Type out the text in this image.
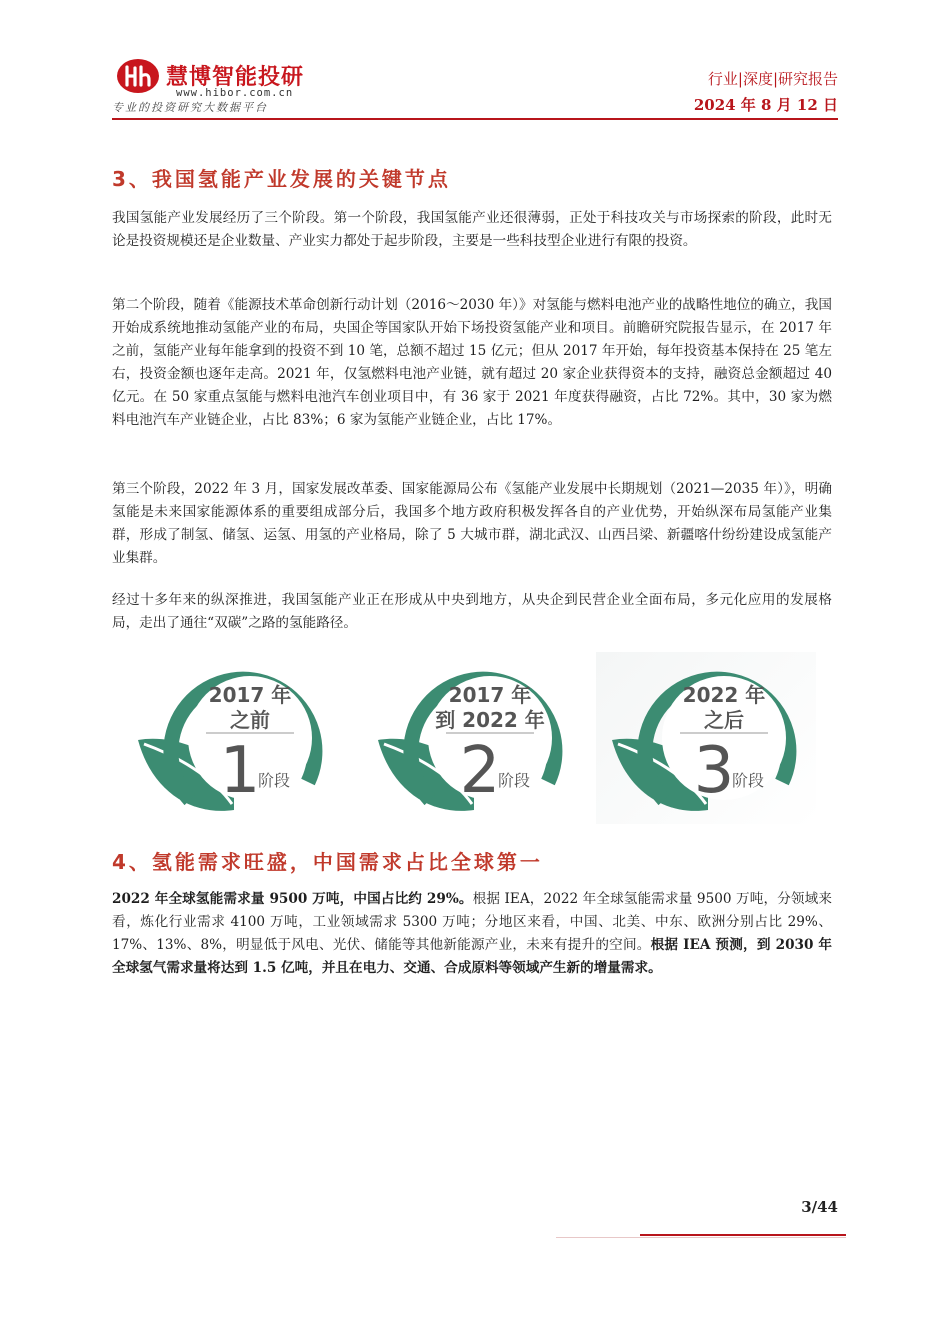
慧博智能投研
www.hibor.com.cn
专业的投资研究大数据平台
行业|深度|研究报告
2024 年 8 月 12 日
3、我国氢能产业发展的关键节点

我国氢能产业发展经历了三个阶段。第一个阶段，我国氢能产业还很薄弱，正处于科技攻关与市场探索的阶段，此时无论是投资规模还是企业数量、产业实力都处于起步阶段，主要是一些科技型企业进行有限的投资。

第二个阶段，随着《能源技术革命创新行动计划（2016～2030 年）》对氢能与燃料电池产业的战略性地位的确立，我国开始成系统地推动氢能产业的布局，央国企等国家队开始下场投资氢能产业和项目。前瞻研究院报告显示，在 2017 年之前，氢能产业每年能拿到的投资不到 10 笔，总额不超过 15 亿元；但从 2017 年开始，每年投资基本保持在 25 笔左右，投资金额也逐年走高。2021 年，仅氢燃料电池产业链，就有超过 20 家企业获得资本的支持，融资总金额超过 40 亿元。在 50 家重点氢能与燃料电池汽车创业项目中，有 36 家于 2021 年度获得融资，占比 72%。其中，30 家为燃料电池汽车产业链企业，占比 83%；6 家为氢能产业链企业，占比 17%。

第三个阶段，2022 年 3 月，国家发展改革委、国家能源局公布《氢能产业发展中长期规划（2021—2035 年）》，明确氢能是未来国家能源体系的重要组成部分后，我国多个地方政府积极发挥各自的产业优势，开始纵深布局氢能产业集群，形成了制氢、储氢、运氢、用氢的产业格局，除了 5 大城市群，湖北武汉、山西吕梁、新疆喀什纷纷建设成氢能产业集群。

经过十多年来的纵深推进，我国氢能产业正在形成从中央到地方，从央企到民营企业全面布局，多元化应用的发展格局，走出了通往“双碳”之路的氢能路径。

2017 年
之前
1
阶段
2017 年
到 2022 年
2
阶段
2022 年
之后
3
阶段
4、氢能需求旺盛，中国需求占比全球第一

2022 年全球氢能需求量 9500 万吨，中国占比约 29%。根据 IEA，2022 年全球氢能需求量 9500 万吨，分领域来看，炼化行业需求 4100 万吨，工业领域需求 5300 万吨；分地区来看，中国、北美、中东、欧洲分别占比 29%、17%、13%、8%，明显低于风电、光伏、储能等其他新能源产业，未来有提升的空间。根据 IEA 预测，到 2030 年全球氢气需求量将达到 1.5 亿吨，并且在电力、交通、合成原料等领域产生新的增量需求。

3/44
